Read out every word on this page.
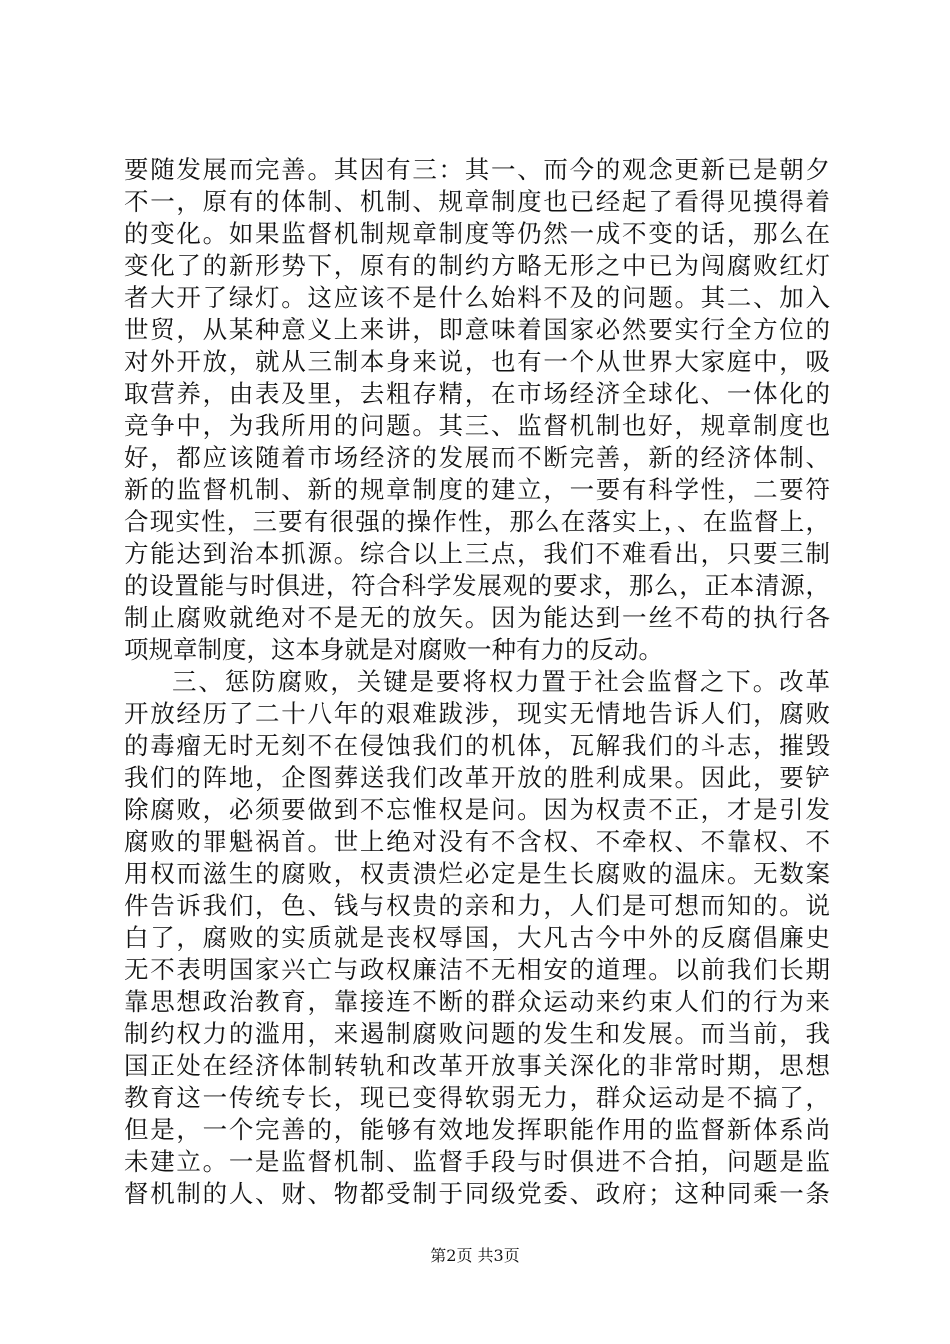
要随发展而完善。其因有三：其一、而今的观念更新已是朝夕
不一，原有的体制、机制、规章制度也已经起了看得见摸得着
的变化。如果监督机制规章制度等仍然一成不变的话，那么在
变化了的新形势下，原有的制约方略无形之中已为闯腐败红灯
者大开了绿灯。这应该不是什么始料不及的问题。其二、加入
世贸，从某种意义上来讲，即意味着国家必然要实行全方位的
对外开放，就从三制本身来说，也有一个从世界大家庭中，吸
取营养，由表及里，去粗存精，在市场经济全球化、一体化的
竞争中，为我所用的问题。其三、监督机制也好，规章制度也
好，都应该随着市场经济的发展而不断完善，新的经济体制、
新的监督机制、新的规章制度的建立，一要有科学性，二要符
合现实性，三要有很强的操作性，那么在落实上，、在监督上，
方能达到治本抓源。综合以上三点，我们不难看出，只要三制
的设置能与时俱进，符合科学发展观的要求，那么，正本清源，
制止腐败就绝对不是无的放矢。因为能达到一丝不苟的执行各
项规章制度，这本身就是对腐败一种有力的反动。
三、惩防腐败，关键是要将权力置于社会监督之下。改革
开放经历了二十八年的艰难跋涉，现实无情地告诉人们，腐败
的毒瘤无时无刻不在侵蚀我们的机体，瓦解我们的斗志，摧毁
我们的阵地，企图葬送我们改革开放的胜利成果。因此，要铲
除腐败，必须要做到不忘惟权是问。因为权责不正，才是引发
腐败的罪魁祸首。世上绝对没有不含权、不牵权、不靠权、不
用权而滋生的腐败，权责溃烂必定是生长腐败的温床。无数案
件告诉我们，色、钱与权贵的亲和力，人们是可想而知的。说
白了，腐败的实质就是丧权辱国，大凡古今中外的反腐倡廉史
无不表明国家兴亡与政权廉洁不无相安的道理。以前我们长期
靠思想政治教育，靠接连不断的群众运动来约束人们的行为来
制约权力的滥用，来遏制腐败问题的发生和发展。而当前，我
国正处在经济体制转轨和改革开放事关深化的非常时期，思想
教育这一传统专长，现已变得软弱无力，群众运动是不搞了，
但是，一个完善的，能够有效地发挥职能作用的监督新体系尚
未建立。一是监督机制、监督手段与时俱进不合拍，问题是监
督机制的人、财、物都受制于同级党委、政府；这种同乘一条
第2页 共3页
